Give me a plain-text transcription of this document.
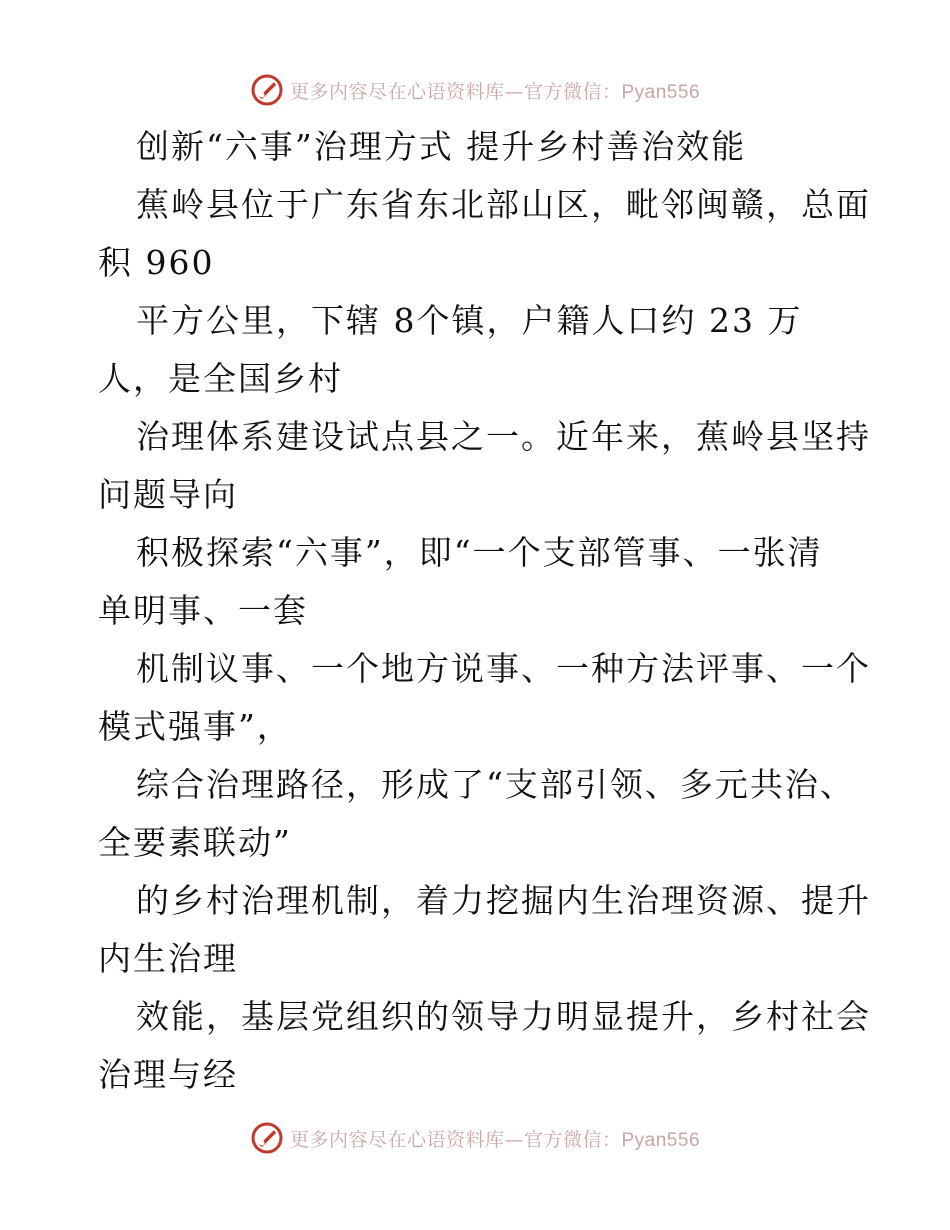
更多内容尽在心语资料库—官方微信：Pyan556
创新“六事”治理方式 提升乡村善治效能
蕉岭县位于广东省东北部山区，毗邻闽赣，总面
积 960
平方公里，下辖 8个镇，户籍人口约 23 万
人，是全国乡村
治理体系建设试点县之一。近年来，蕉岭县坚持
问题导向
积极探索“六事”，即“一个支部管事、一张清
单明事、一套
机制议事、一个地方说事、一种方法评事、一个
模式强事”，
综合治理路径，形成了“支部引领、多元共治、
全要素联动”
的乡村治理机制，着力挖掘内生治理资源、提升
内生治理
效能，基层党组织的领导力明显提升，乡村社会
治理与经
更多内容尽在心语资料库—官方微信：Pyan556
